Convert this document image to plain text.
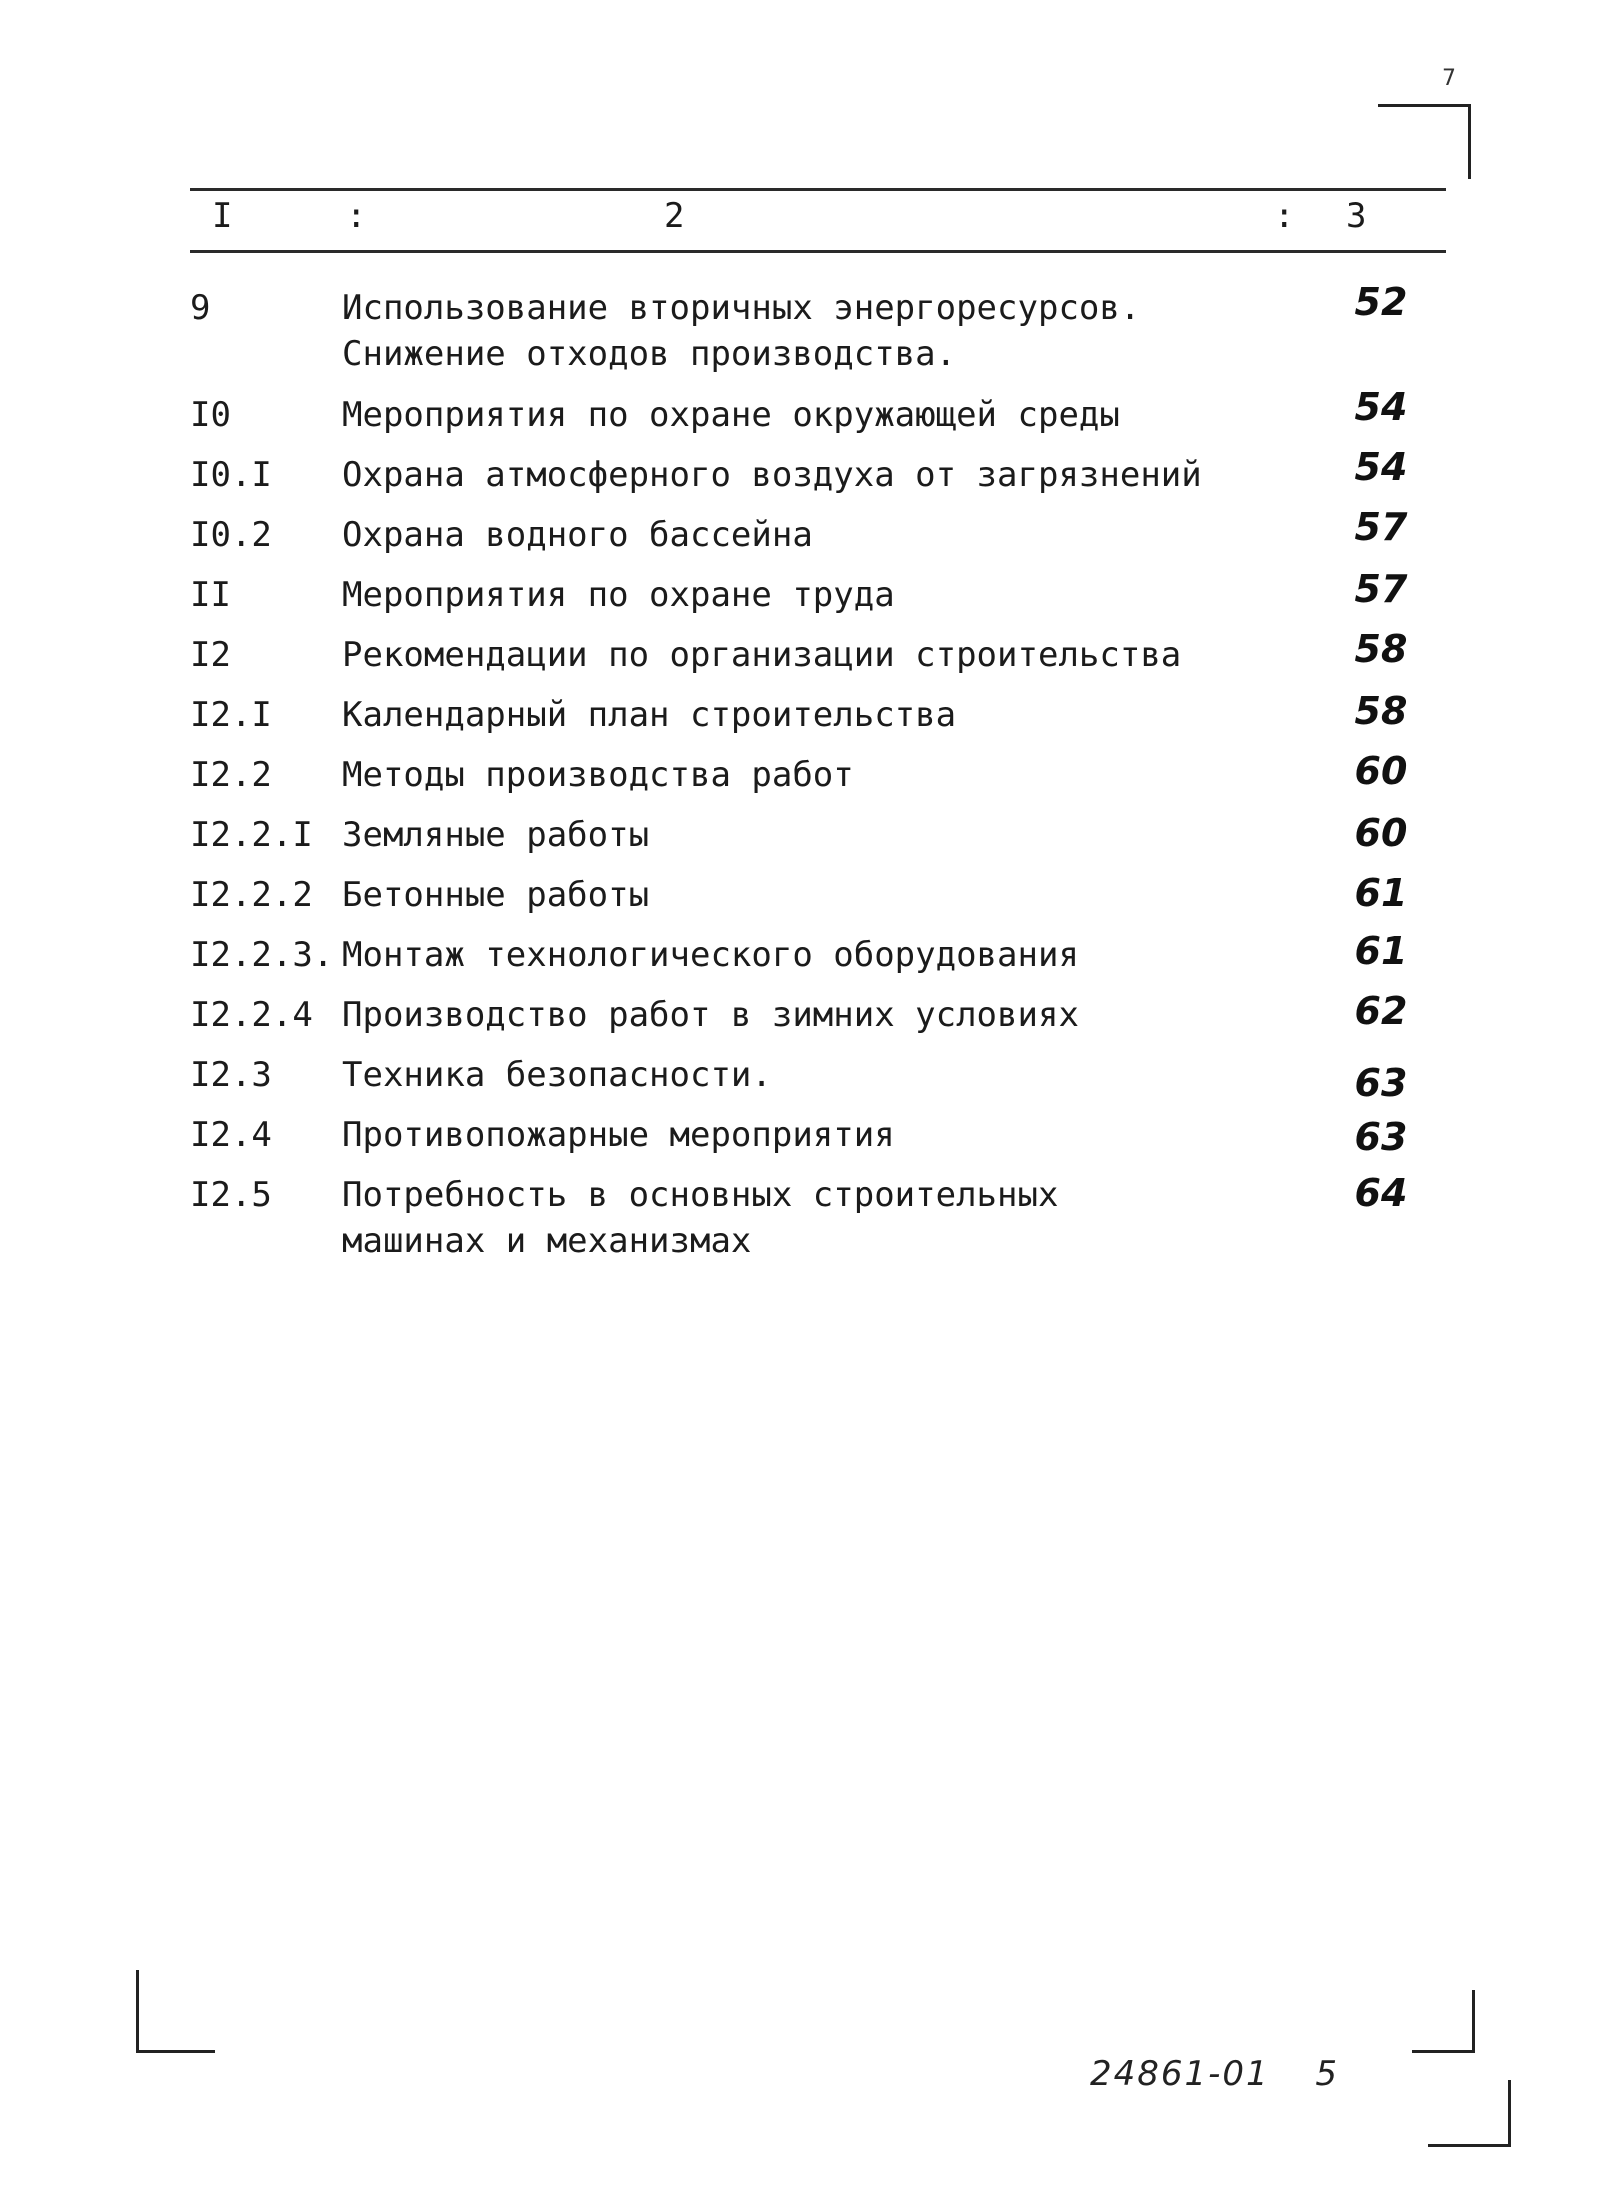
7
I	:	2	: 3
9	Использование вторичных энергоресурсов.
Снижение отходов производства.
52
I0	Мероприятия по охране окружающей среды	54
I0.I Охрана атмосферного воздуха от загрязнений	54
I0.2 Охрана водного бассейна	57
II	Мероприятия по охране труда	57
I2	Рекомендации по организации строительства	58
I2.I Календарный план строительства	58
I2.2 Методы производства работ	60
I2.2.I Земляные работы	60
I2.2.2 Бетонные работы	61
I2.2.3. Монтаж технологического оборудования	61
I2.2.4 Производство работ в зимних условиях	62
I2.3 Техника безопасности.	63
I2.4 Противопожарные мероприятия	63
I2.5 Потребность в основных строительных
машинах и механизмах
64
24861-01 5
